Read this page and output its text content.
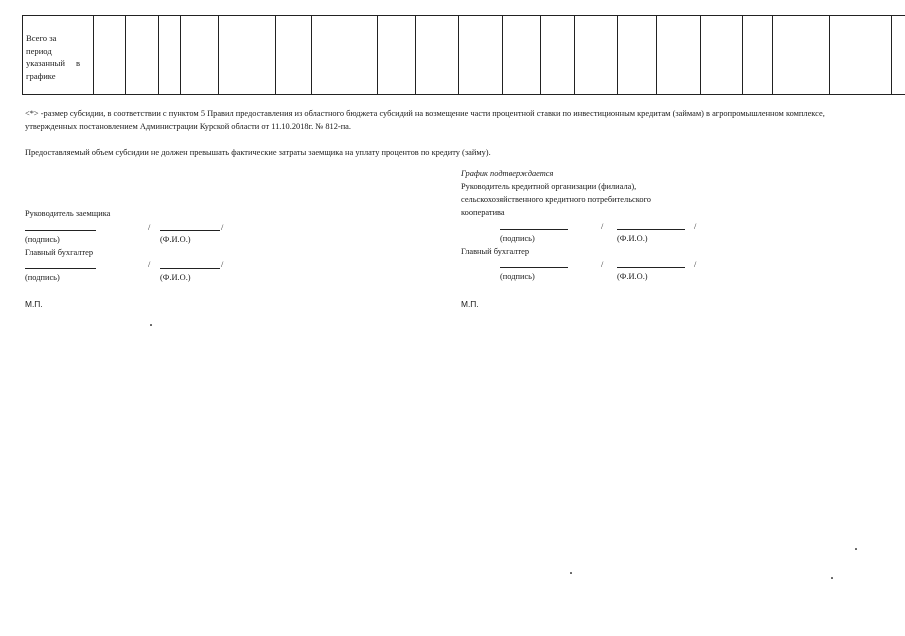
Всего за
период
указанный в
графике

<*> -размер субсидии, в соответствии с пунктом 5 Правил предоставления из областного бюджета субсидий на возмещение части процентной ставки по инвестиционным кредитам (займам) в агропромышленном комплексе, утвержденных постановлением Администрации Курской области от 11.10.2018г. № 812-па.
Предоставляемый объем субсидии не должен превышать фактические затраты заемщика на уплату процентов по кредиту (займу).
Руководитель заемщика
/	/
(подпись)	(Ф.И.О.)
Главный бухгалтер
/	/
(подпись)	(Ф.И.О.)
М.П.
График подтверждается
Руководитель кредитной организации (филиала),
сельскохозяйственного кредитного потребительского
кооператива
/	/
(подпись)	(Ф.И.О.)
Главный бухгалтер
/	/
(подпись)	(Ф.И.О.)
М.П.
